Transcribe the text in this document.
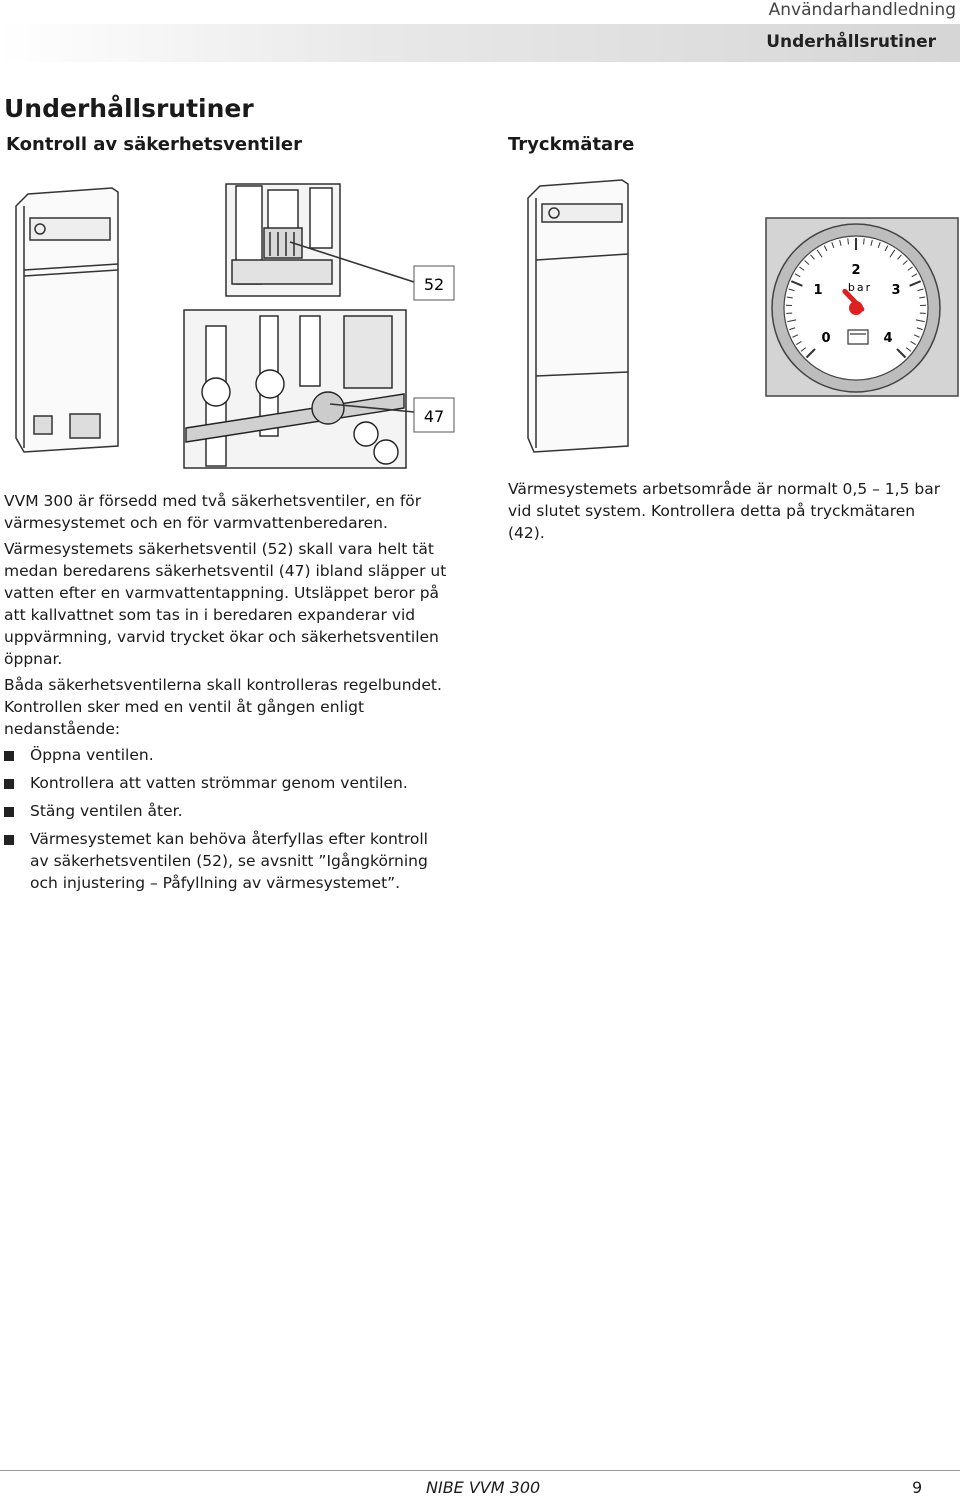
Användarhandledning
Underhållsrutiner
Underhållsrutiner
Kontroll av säkerhetsventiler	Tryckmätare
52
47
2
1	3
0	4
bar

VVM 300 är försedd med två säkerhetsventiler, en för värmesystemet och en för varmvattenberedaren.

Värmesystemets säkerhetsventil (52) skall vara helt tät medan beredarens säkerhetsventil (47) ibland släpper ut vatten efter en varmvattentappning. Utsläppet beror på att kallvattnet som tas in i beredaren expanderar vid uppvärmning, varvid trycket ökar och säkerhetsventilen öppnar.

Båda säkerhetsventilerna skall kontrolleras regelbundet. Kontrollen sker med en ventil åt gången enligt nedanstående:

Öppna ventilen.
Kontrollera att vatten strömmar genom ventilen.
Stäng ventilen åter.
Värmesystemet kan behöva återfyllas efter kontroll av säkerhetsventilen (52), se avsnitt ”Igångkörning och injustering – Påfyllning av värmesystemet”.

Värmesystemets arbetsområde är normalt 0,5 – 1,5 bar vid slutet system. Kontrollera detta på tryckmätaren (42).

NIBE VVM 300	9
